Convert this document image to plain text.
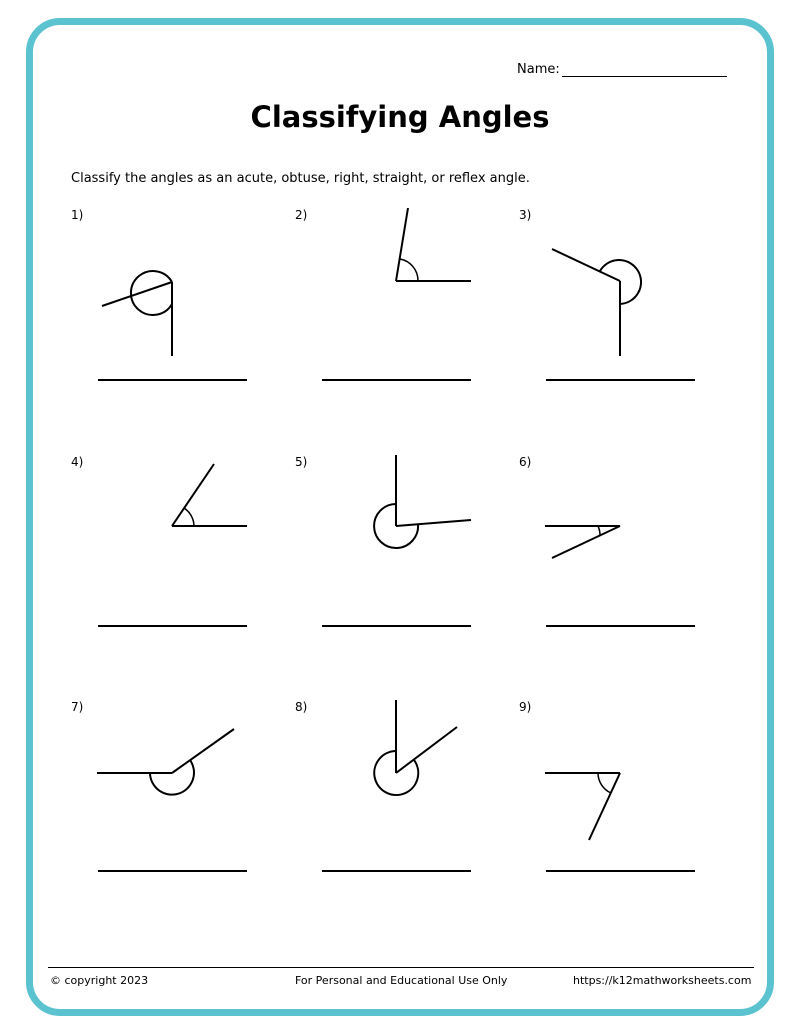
Name:
Classifying Angles
Classify the angles as an acute, obtuse, right, straight, or reflex angle.
1)	2)	3)
4)	5)	6)
7)	8)	9)
© copyright 2023	For Personal and Educational Use Only	https://k12mathworksheets.com
